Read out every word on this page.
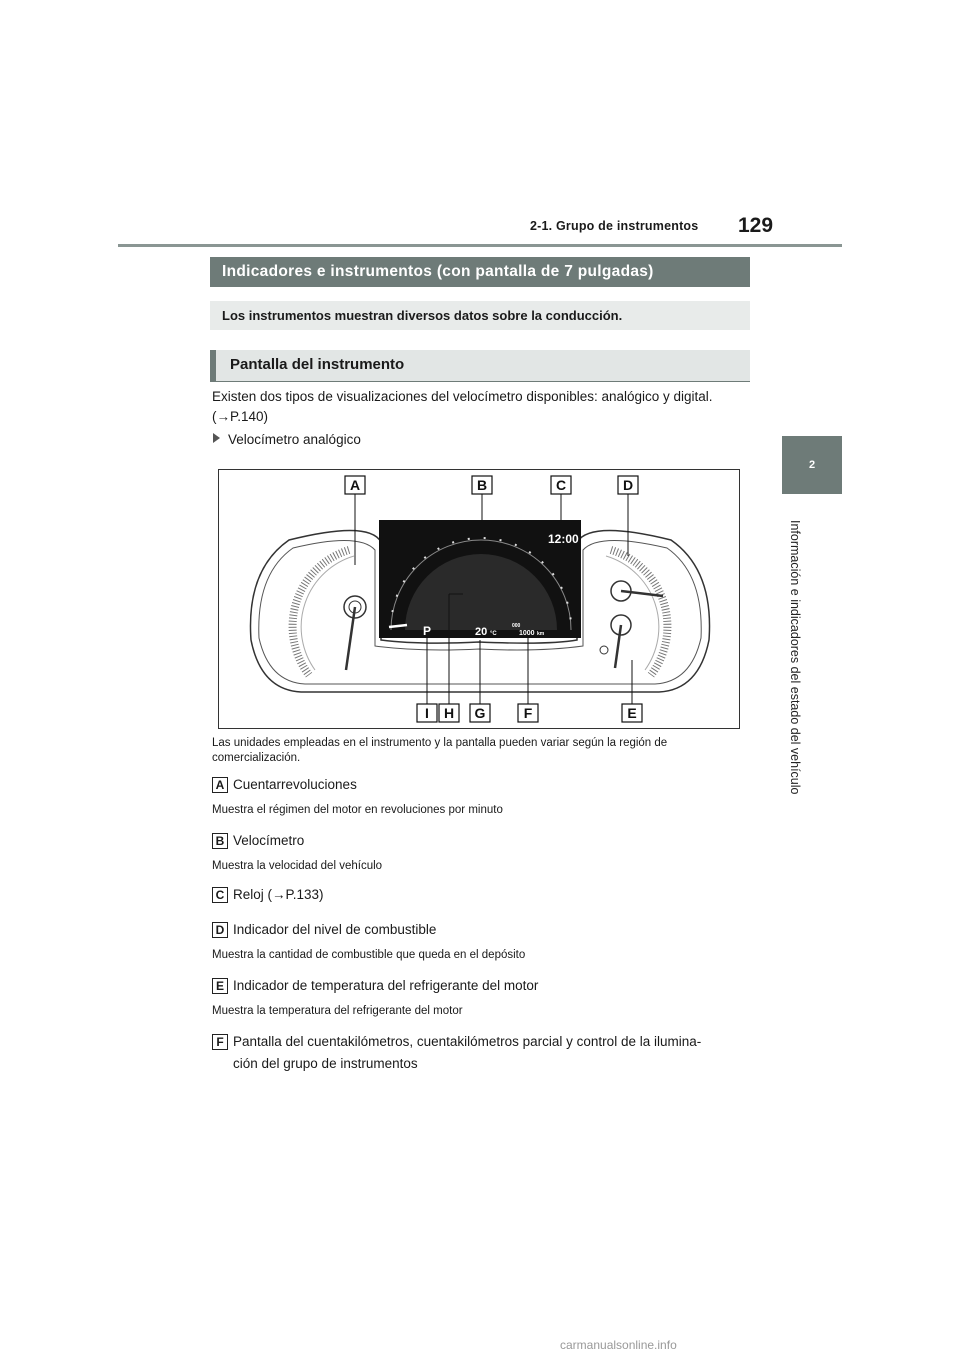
2-1. Grupo de instrumentos 129
2
Información e indicadores del estado del vehículo
Indicadores e instrumentos (con pantalla de 7 pulgadas)
Los instrumentos muestran diversos datos sobre la conducción.
Pantalla del instrumento
Existen dos tipos de visualizaciones del velocímetro disponibles: analógico y digital.
(→P.140)
Velocímetro analógico
A	B	C	D
I H G	F	E
12:00
P	20 °C
000
1000 km
Las unidades empleadas en el instrumento y la pantalla pueden variar según la región de comercialización.
A Cuentarrevoluciones
Muestra el régimen del motor en revoluciones por minuto
B Velocímetro
Muestra la velocidad del vehículo
C Reloj (→P.133)
D Indicador del nivel de combustible
Muestra la cantidad de combustible que queda en el depósito
E Indicador de temperatura del refrigerante del motor
Muestra la temperatura del refrigerante del motor
F Pantalla del cuentakilómetros, cuentakilómetros parcial y control de la ilumina-
ción del grupo de instrumentos
carmanualsonline.info
